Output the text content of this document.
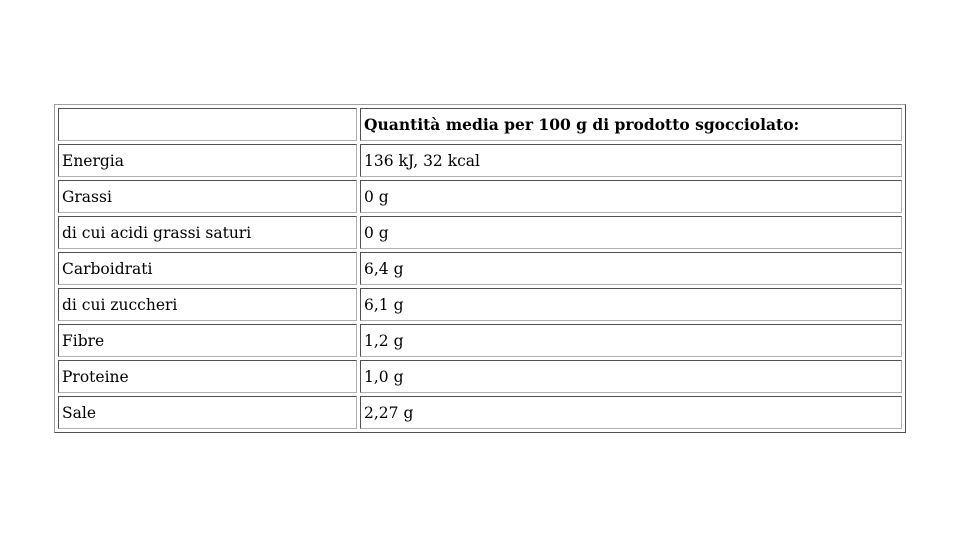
	Quantità media per 100 g di prodotto sgocciolato:
Energia	136 kJ, 32 kcal
Grassi	0 g
di cui acidi grassi saturi	0 g
Carboidrati	6,4 g
di cui zuccheri	6,1 g
Fibre	1,2 g
Proteine	1,0 g
Sale	2,27 g
